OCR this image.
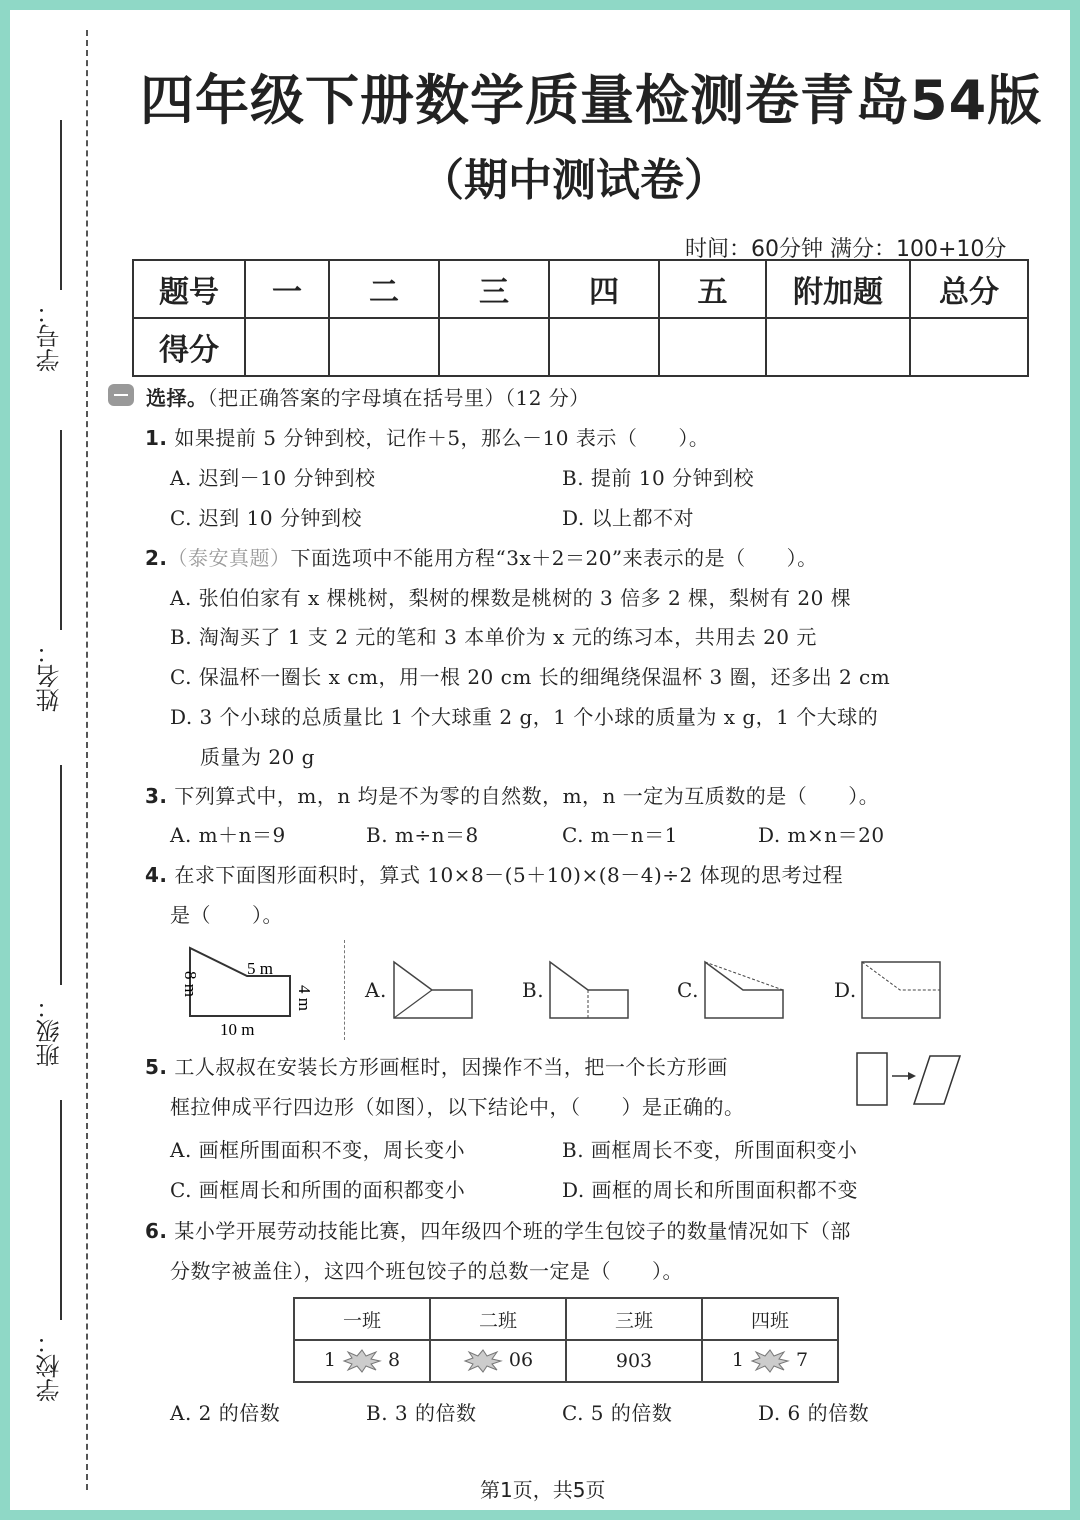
学号：
姓名：
班级：
学校：
四年级下册数学质量检测卷青岛54版
（期中测试卷）
时间：60分钟 满分：100+10分
题号	一	二	三	四	五	附加题	总分
得分							
选择。（把正确答案的字母填在括号里）（12 分）
1. 如果提前 5 分钟到校，记作＋5，那么－10 表示（　　）。
A. 迟到－10 分钟到校	B. 提前 10 分钟到校
C. 迟到 10 分钟到校	D. 以上都不对
2.（泰安真题）下面选项中不能用方程“3x＋2＝20”来表示的是（　　）。
A. 张伯伯家有 x 棵桃树，梨树的棵数是桃树的 3 倍多 2 棵，梨树有 20 棵
B. 淘淘买了 1 支 2 元的笔和 3 本单价为 x 元的练习本，共用去 20 元
C. 保温杯一圈长 x cm，用一根 20 cm 长的细绳绕保温杯 3 圈，还多出 2 cm
D. 3 个小球的总质量比 1 个大球重 2 g，1 个小球的质量为 x g，1 个大球的
质量为 20 g
3. 下列算式中，m，n 均是不为零的自然数，m，n 一定为互质数的是（　　）。
A. m＋n＝9	B. m÷n＝8	C. m－n＝1	D. m×n＝20
4. 在求下面图形面积时，算式 10×8－(5＋10)×(8－4)÷2 体现的思考过程
是（　　）。
5 m
8 m
4 m
10 m
A.	B.	C.	D.
5. 工人叔叔在安装长方形画框时，因操作不当，把一个长方形画
框拉伸成平行四边形（如图），以下结论中，（　　）是正确的。
A. 画框所围面积不变，周长变小	B. 画框周长不变，所围面积变小
C. 画框周长和所围的面积都变小	D. 画框的周长和所围面积都不变
6. 某小学开展劳动技能比赛，四年级四个班的学生包饺子的数量情况如下（部
分数字被盖住），这四个班包饺子的总数一定是（　　）。
一班	二班	三班	四班
1 8	06	903	1 7
A. 2 的倍数	B. 3 的倍数	C. 5 的倍数	D. 6 的倍数
第1页，共5页
